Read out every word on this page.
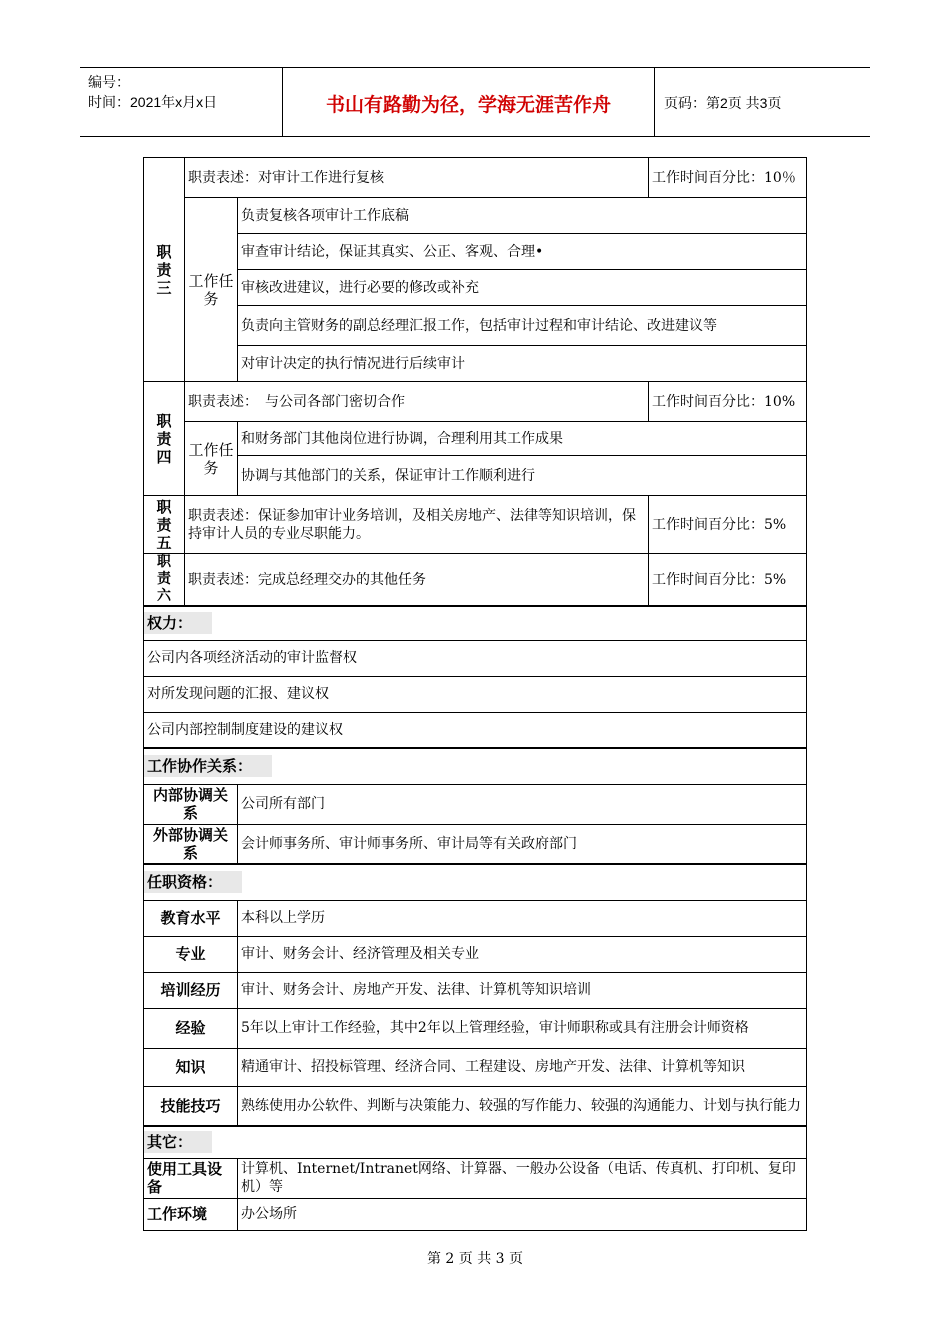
编号：
时间：2021年x月x日	书山有路勤为径，学海无涯苦作舟	页码：第2页 共3页
职
责
三	职责表述：对审计工作进行复核		工作时间百分比：10％
	工作任务	负责复核各项审计工作底稿	
		审查审计结论，保证其真实、公正、客观、合理•	
		审核改进建议，进行必要的修改或补充	
		负责向主管财务的副总经理汇报工作，包括审计过程和审计结论、改进建议等	
		对审计决定的执行情况进行后续审计	
职
责
四	职责表述：　与公司各部门密切合作		工作时间百分比：10%
	工作任务	和财务部门其他岗位进行协调，合理利用其工作成果	
		协调与其他部门的关系，保证审计工作顺利进行	
职
责
五	职责表述：保证参加审计业务培训，及相关房地产、法律等知识培训，保持审计人员的专业尽职能力。		工作时间百分比：5%
职
责
六	职责表述：完成总经理交办的其他任务		工作时间百分比：5%
权力：			
公司内各项经济活动的审计监督权			
对所发现问题的汇报、建议权			
公司内部控制制度建设的建议权			
工作协作关系：			
内部协调关系		公司所有部门	
外部协调关系		会计师事务所、审计师事务所、审计局等有关政府部门	
任职资格：			
教育水平		本科以上学历	
专业		审计、财务会计、经济管理及相关专业	
培训经历		审计、财务会计、房地产开发、法律、计算机等知识培训	
经验		5年以上审计工作经验，其中2年以上管理经验，审计师职称或具有注册会计师资格	
知识		精通审计、招投标管理、经济合同、工程建设、房地产开发、法律、计算机等知识	
技能技巧		熟练使用办公软件、判断与决策能力、较强的写作能力、较强的沟通能力、计划与执行能力	
其它：			
使用工具设备		计算机、Internet/Intranet网络、计算器、一般办公设备（电话、传真机、打印机、复印机）等	
工作环境		办公场所	
第 2 页 共 3 页
